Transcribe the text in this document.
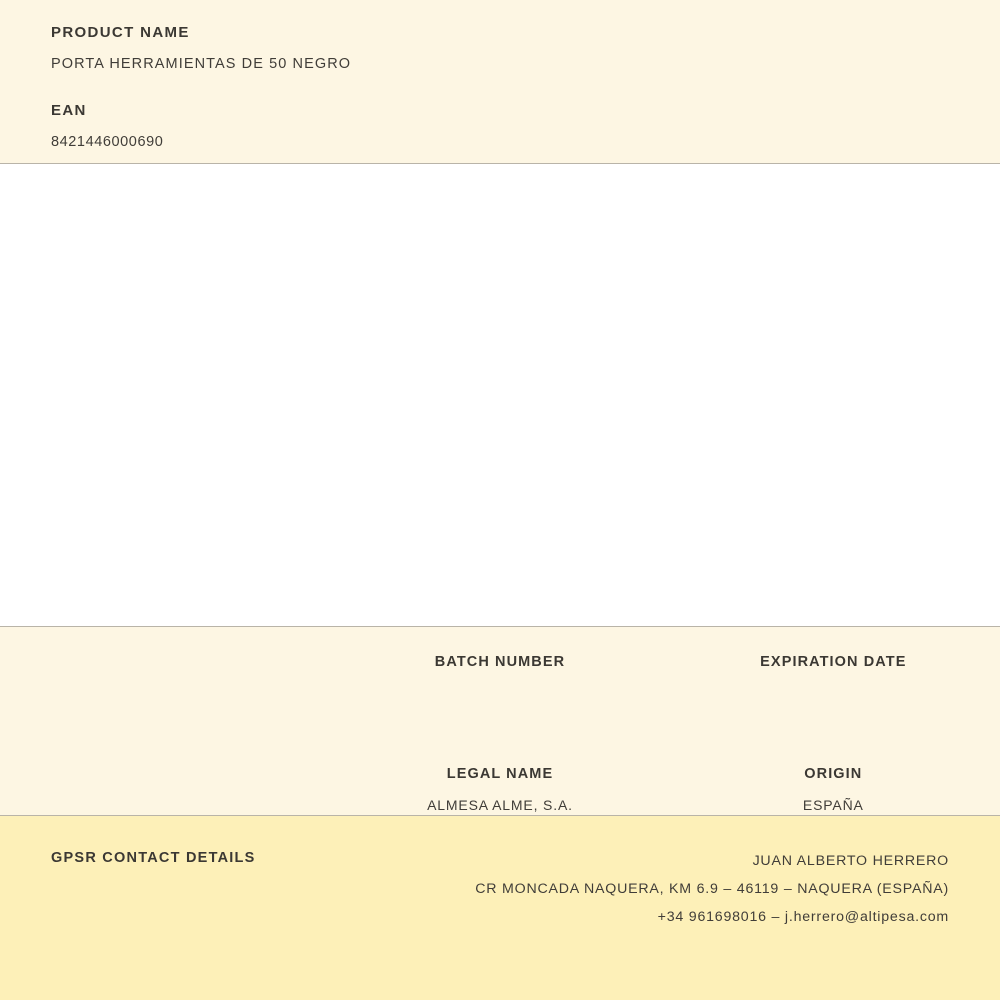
PRODUCT NAME
PORTA HERRAMIENTAS DE 50 NEGRO
EAN
8421446000690
BATCH NUMBER	EXPIRATION DATE
LEGAL NAME
ALMESA ALME, S.A.
ORIGIN
ESPAÑA
GPSR CONTACT DETAILS	JUAN ALBERTO HERRERO
CR MONCADA NAQUERA, KM 6.9 – 46119 – NAQUERA (ESPAÑA)
+34 961698016 – j.herrero@altipesa.com
